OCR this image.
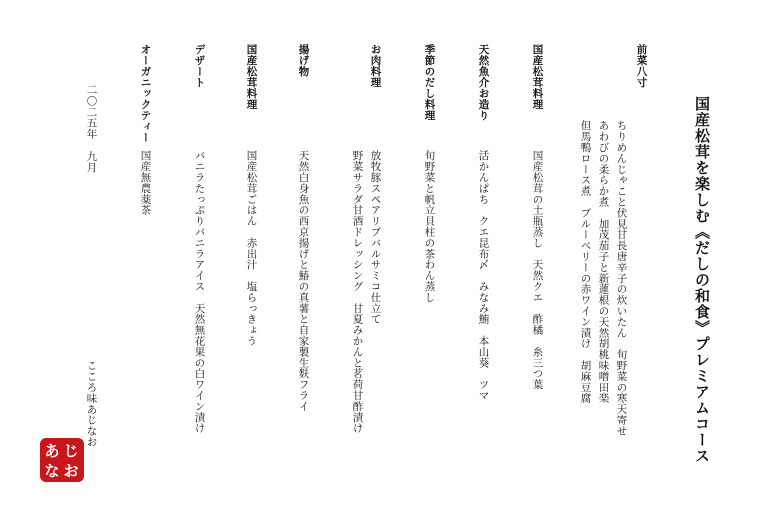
国産松茸を楽しむ《だしの和食》プレミアムコース

前菜八寸

ちりめんじゃこと伏見甘長唐辛子の炊いたん　旬野菜の寒天寄せ

あわびの柔らか煮　加茂茄子と新蓮根の天然胡桃味噌田楽

但馬鴨ロース煮　ブルーベリーの赤ワイン漬け　胡麻豆腐

国産松茸料理

国産松茸の土瓶蒸し　天然クエ　酢橘　糸三つ葉

天然魚介お造り

活かんぱち　クエ昆布〆　みなみ鮪　本山葵　ツマ

季節のだし料理

旬野菜と帆立貝柱の茶わん蒸し

お肉料理

放牧豚スペアリブバルサミコ仕立て

野菜サラダ甘酒ドレッシング　甘夏みかんと茗荷甘酢漬け

揚げ物

天然白身魚の西京揚げと鰆の真薯と自家製生麩フライ

国産松茸料理

国産松茸ごはん　赤出汁　塩らっきょう

デザート

バニラたっぷりバニラアイス　天然無花果の白ワイン漬け

オーガニックティー

国産無農薬茶

二〇二五年　九月

こころ味あじなお

あ じ
な お
